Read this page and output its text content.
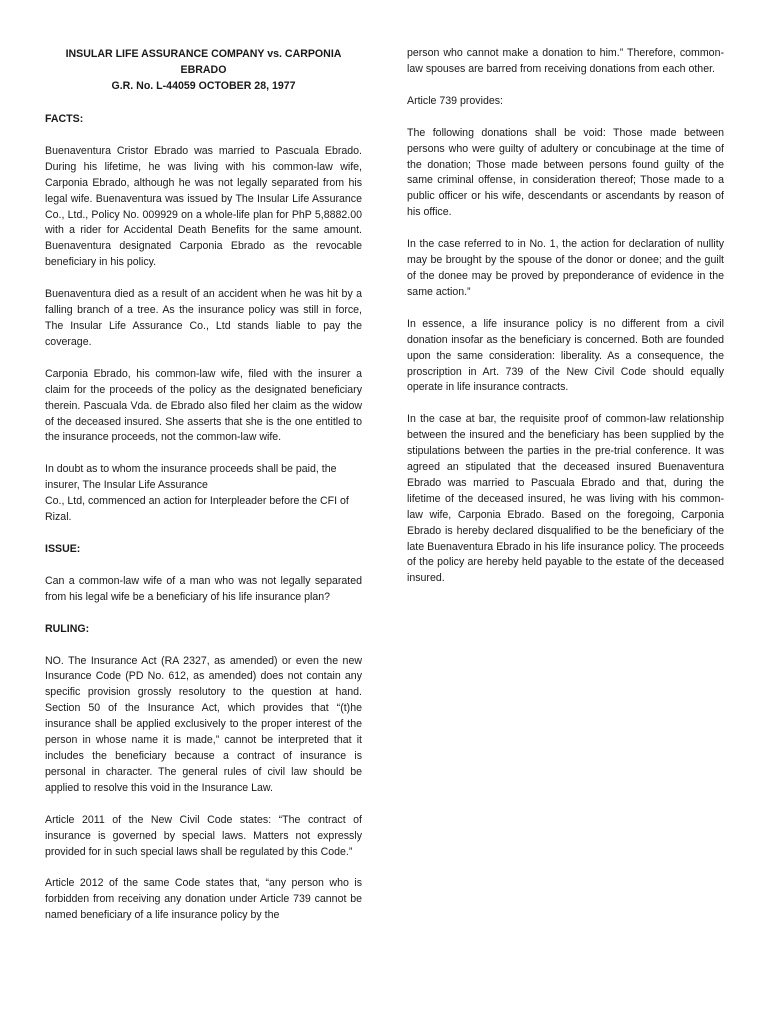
INSULAR LIFE ASSURANCE COMPANY vs. CARPONIA EBRADO

G.R. No. L-44059 OCTOBER 28, 1977

FACTS:

Buenaventura Cristor Ebrado was married to Pascuala Ebrado. During his lifetime, he was living with his common-law wife, Carponia Ebrado, although he was not legally separated from his legal wife. Buenaventura was issued by The Insular Life Assurance Co., Ltd., Policy No. 009929 on a whole-life plan for PhP 5,8882.00 with a rider for Accidental Death Benefits for the same amount. Buenaventura designated Carponia Ebrado as the revocable beneficiary in his policy.

Buenaventura died as a result of an accident when he was hit by a falling branch of a tree. As the insurance policy was still in force, The Insular Life Assurance Co., Ltd stands liable to pay the coverage.

Carponia Ebrado, his common-law wife, filed with the insurer a claim for the proceeds of the policy as the designated beneficiary therein. Pascuala Vda. de Ebrado also filed her claim as the widow of the deceased insured. She asserts that she is the one entitled to the insurance proceeds, not the common-law wife.

In doubt as to whom the insurance proceeds shall be paid, the insurer, The Insular Life Assurance

Co., Ltd, commenced an action for Interpleader before the CFI of Rizal.

ISSUE:

Can a common-law wife of a man who was not legally separated from his legal wife be a beneficiary of his life insurance plan?

RULING:

NO. The Insurance Act (RA 2327, as amended) or even the new Insurance Code (PD No. 612, as amended) does not contain any specific provision grossly resolutory to the question at hand. Section 50 of the Insurance Act, which provides that “(t)he insurance shall be applied exclusively to the proper interest of the person in whose name it is made,” cannot be interpreted that it includes the beneficiary because a contract of insurance is personal in character. The general rules of civil law should be applied to resolve this void in the Insurance Law.

Article 2011 of the New Civil Code states: “The contract of insurance is governed by special laws. Matters not expressly provided for in such special laws shall be regulated by this Code.”

Article 2012 of the same Code states that, “any person who is forbidden from receiving any donation under Article 739 cannot be named beneficiary of a life insurance policy by the

person who cannot make a donation to him.” Therefore, common-law spouses are barred from receiving donations from each other.

Article 739 provides:

The following donations shall be void: Those made between persons who were guilty of adultery or concubinage at the time of the donation; Those made between persons found guilty of the same criminal offense, in consideration thereof; Those made to a public officer or his wife, descendants or ascendants by reason of his office.

In the case referred to in No. 1, the action for declaration of nullity may be brought by the spouse of the donor or donee; and the guilt of the donee may be proved by preponderance of evidence in the same action.”

In essence, a life insurance policy is no different from a civil donation insofar as the beneficiary is concerned. Both are founded upon the same consideration: liberality. As a consequence, the proscription in Art. 739 of the New Civil Code should equally operate in life insurance contracts.

In the case at bar, the requisite proof of common-law relationship between the insured and the beneficiary has been supplied by the stipulations between the parties in the pre-trial conference. It was agreed an stipulated that the deceased insured Buenaventura Ebrado was married to Pascuala Ebrado and that, during the lifetime of the deceased insured, he was living with his common-law wife, Carponia Ebrado. Based on the foregoing, Carponia Ebrado is hereby declared disqualified to be the beneficiary of the late Buenaventura Ebrado in his life insurance policy. The proceeds of the policy are hereby held payable to the estate of the deceased insured.
